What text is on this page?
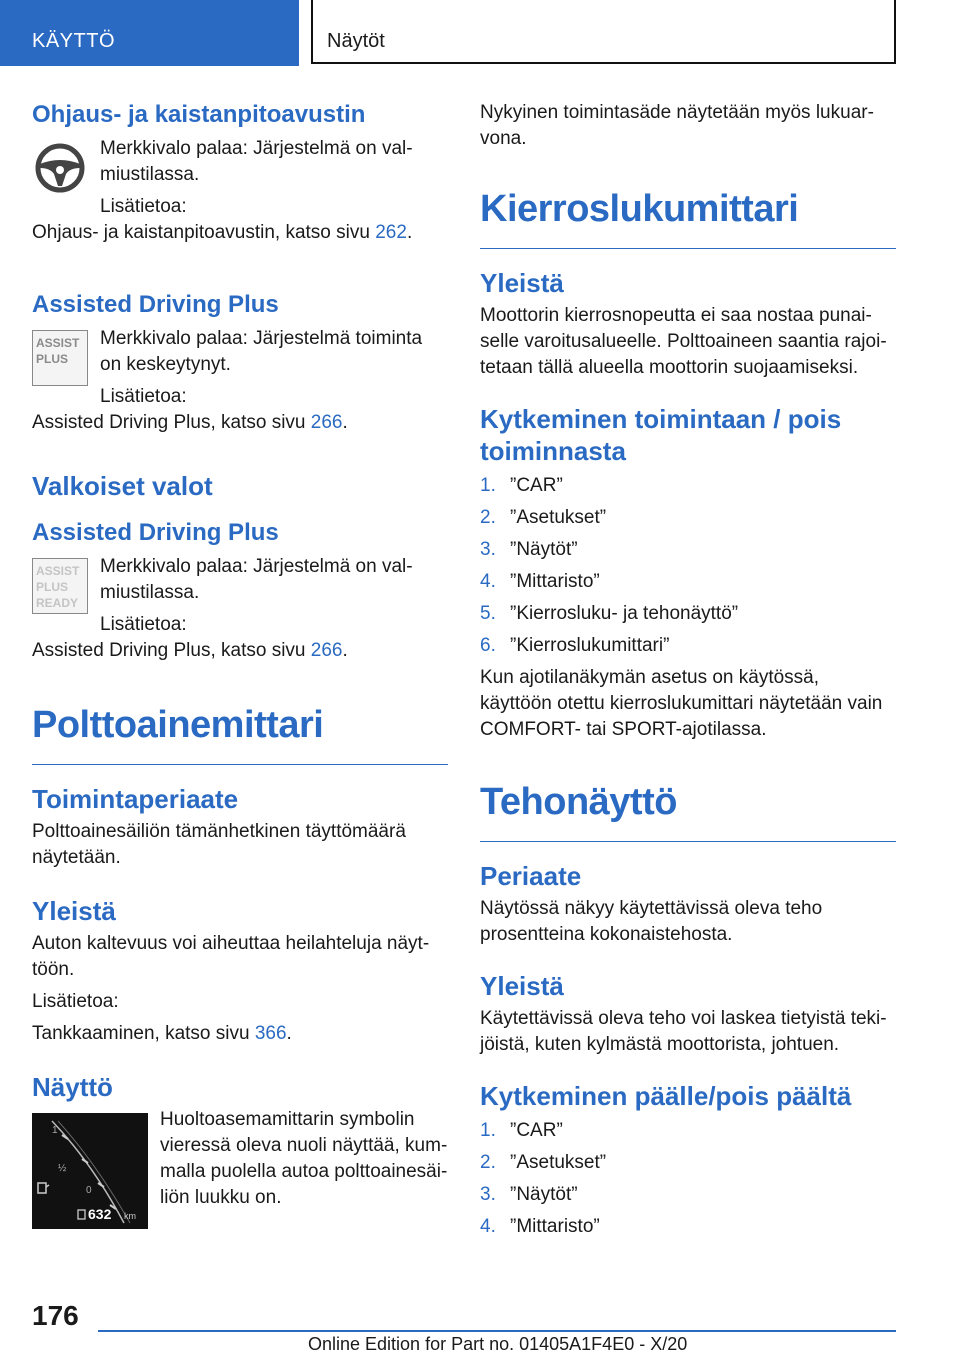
KÄYTTÖ	Näytöt
Ohjaus- ja kaistanpitoavustin

Merkkivalo palaa: Järjestelmä on valmiustilassa.

Lisätietoa:

Ohjaus- ja kaistanpitoavustin, katso sivu 262.

Assisted Driving Plus
ASSIST
PLUS

Merkkivalo palaa: Järjestelmä toiminta on keskeytynyt.

Lisätietoa:

Assisted Driving Plus, katso sivu 266.

Valkoiset valot
Assisted Driving Plus
ASSIST
PLUS
READY

Merkkivalo palaa: Järjestelmä on valmiustilassa.

Lisätietoa:

Assisted Driving Plus, katso sivu 266.

Polttoainemittari
Toimintaperiaate

Polttoainesäiliön tämänhetkinen täyttömäärä näytetään.

Yleistä

Auton kaltevuus voi aiheuttaa heilahteluja näyttöön.

Lisätietoa:

Tankkaaminen, katso sivu 366.

Näyttö
1
½
0
632 km

Huoltoasemamittarin symbolin vieressä oleva nuoli näyttää, kummalla puolella autoa polttoainesäiliön luukku on.

Nykyinen toimintasäde näytetään myös lukuarvona.

Kierroslukumittari
Yleistä

Moottorin kierrosnopeutta ei saa nostaa punaiselle varoitusalueelle. Polttoaineen saantia rajoitetaan tällä alueella moottorin suojaamiseksi.

Kytkeminen toimintaan / pois toiminnasta
1. ”CAR”
2. ”Asetukset”
3. ”Näytöt”
4. ”Mittaristo”
5. ”Kierrosluku- ja tehonäyttö”
6. ”Kierroslukumittari”

Kun ajotilanäkymän asetus on käytössä, käyttöön otettu kierroslukumittari näytetään vain COMFORT- tai SPORT-ajotilassa.

Tehonäyttö
Periaate

Näytössä näkyy käytettävissä oleva teho prosentteina kokonaistehosta.

Yleistä

Käytettävissä oleva teho voi laskea tietyistä tekijöistä, kuten kylmästä moottorista, johtuen.

Kytkeminen päälle/pois päältä
1. ”CAR”
2. ”Asetukset”
3. ”Näytöt”
4. ”Mittaristo”
176
Online Edition for Part no. 01405A1F4E0 - X/20
